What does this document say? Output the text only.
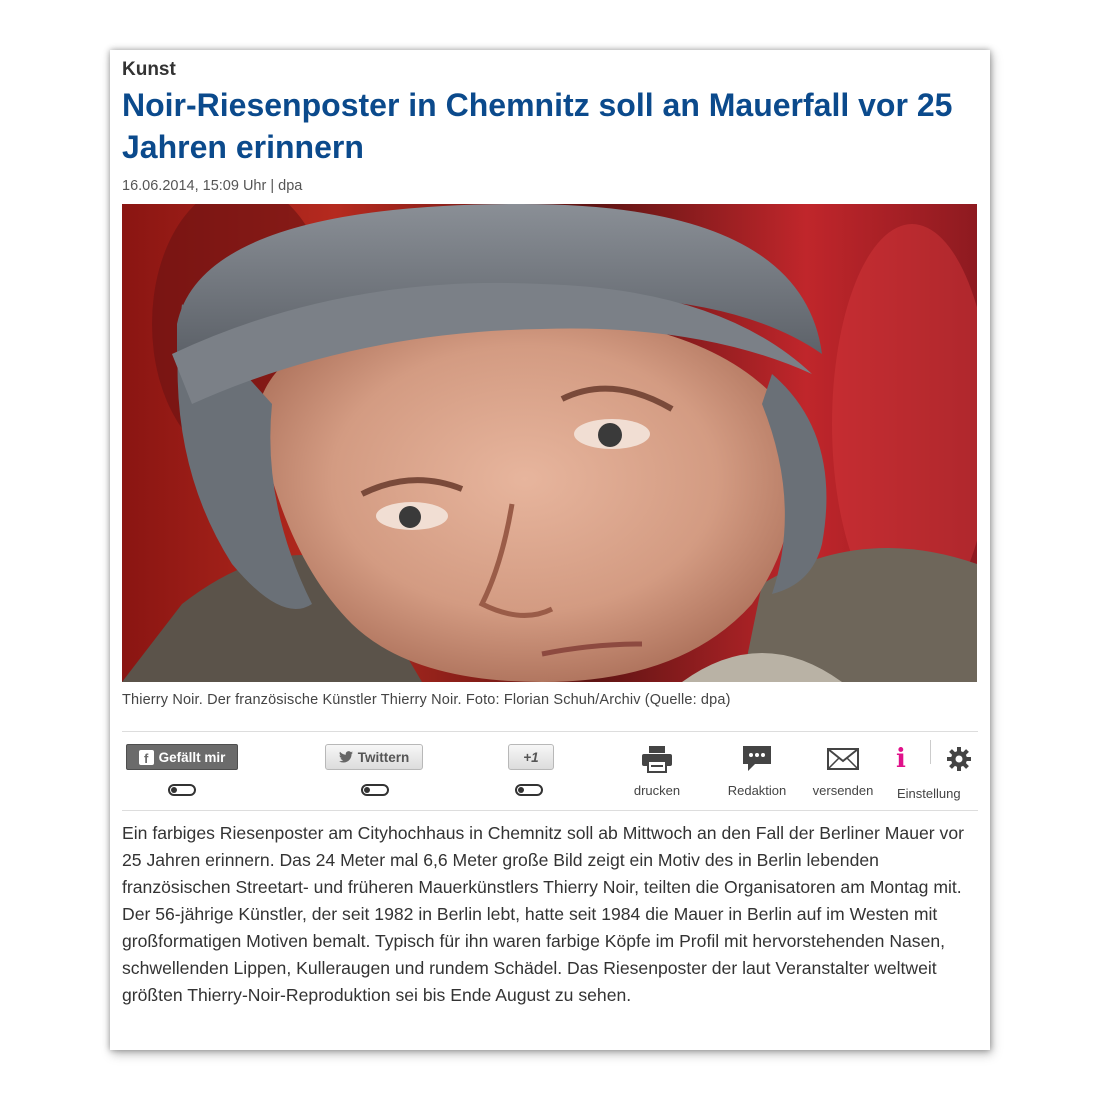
Kunst
Noir-Riesenposter in Chemnitz soll an Mauerfall vor 25 Jahren erinnern
16.06.2014, 15:09 Uhr | dpa
Thierry Noir. Der französische Künstler Thierry Noir. Foto: Florian Schuh/Archiv (Quelle: dpa)
f Gefällt mir	Twittern	+1
drucken	Redaktion	versenden
i
Einstellung

Ein farbiges Riesenposter am Cityhochhaus in Chemnitz soll ab Mittwoch an den Fall der Berliner Mauer vor 25 Jahren erinnern. Das 24 Meter mal 6,6 Meter große Bild zeigt ein Motiv des in Berlin lebenden französischen Streetart- und früheren Mauerkünstlers Thierry Noir, teilten die Organisatoren am Montag mit. Der 56-jährige Künstler, der seit 1982 in Berlin lebt, hatte seit 1984 die Mauer in Berlin auf im Westen mit großformatigen Motiven bemalt. Typisch für ihn waren farbige Köpfe im Profil mit hervorstehenden Nasen, schwellenden Lippen, Kulleraugen und rundem Schädel. Das Riesenposter der laut Veranstalter weltweit größten Thierry-Noir-Reproduktion sei bis Ende August zu sehen.
